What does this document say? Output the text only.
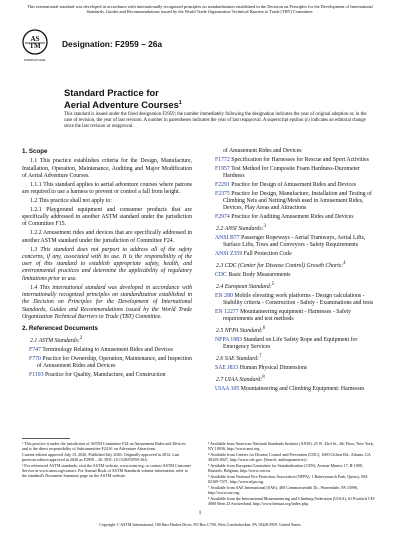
This international standard was developed in accordance with internationally recognized principles on standardization established in the Decision on Principles for the Development of International Standards, Guides and Recommendations issued by the World Trade Organization Technical Barriers to Trade (TBT) Committee.
AS
TM
INTERNATIONAL
Designation: F2959 – 26a
Standard Practice for
Aerial Adventure Courses$^1$
This standard is issued under the fixed designation F2959; the number immediately following the designation indicates the year of original adoption or, in the case of revision, the year of last revision. A number in parentheses indicates the year of last reapproval. A superscript epsilon (ε) indicates an editorial change since the last revision or reapproval.

1. Scope

1.1 This practice establishes criteria for the Design, Manufacture, Installation, Operation, Maintenance, Auditing and Major Modification of Aerial Adventure Courses.

1.1.1 This standard applies to aerial adventure courses where patrons are required to use a harness to prevent or control a fall from height.

1.2 This practice shall not apply to:

1.2.1 Playground equipment and consumer products that are specifically addressed in another ASTM standard under the jurisdiction of Committee F15.

1.2.2 Amusement rides and devices that are specifically addressed in another ASTM standard under the jurisdiction of Committee F24.

1.3 This standard does not purport to address all of the safety concerns, if any, associated with its use. It is the responsibility of the user of this standard to establish appropriate safety, health, and environmental practices and determine the applicability of regulatory limitations prior to use.

1.4 This international standard was developed in accordance with internationally recognized principles on standardization established in the Decision on Principles for the Development of International Standards, Guides and Recommendations issued by the World Trade Organization Technical Barriers to Trade (TBT) Committee.

2. Referenced Documents

2.1 ASTM Standards:$^2$

F747 Terminology Relating to Amusement Rides and Devices

F770 Practice for Ownership, Operation, Maintenance, and Inspection of Amusement Rides and Devices

F1193 Practice for Quality, Manufacture, and Construction

of Amusement Rides and Devices

F1772 Specification for Harnesses for Rescue and Sport Activities

F1957 Test Method for Composite Foam Hardness-Durometer Hardness

F2291 Practice for Design of Amusement Rides and Devices

F2375 Practice for Design, Manufacture, Installation and Testing of Climbing Nets and Netting/Mesh used in Amusement Rides, Devices, Play Areas and Attractions

F2974 Practice for Auditing Amusement Rides and Devices

2.2 ANSI Standards:$^3$

ANSI B77 Passenger Ropeways - Aerial Tramways, Aerial Lifts, Surface Lifts, Tows and Conveyors - Safety Requirements

ANSI Z359 Fall Protection Code

2.3 CDC (Center for Disease Control) Growth Charts:$^4$

CDC Basic Body Measurements

2.4 European Standard:$^5$

EN 280 Mobile elevating work platforms - Design calculations - Stability criteria - Construction - Safety - Examinations and tests

EN 12277 Mountaineering equipment - Harnesses - Safety requirements and test methods

2.5 NFPA Standard:$^6$

NFPA 1983 Standard on Life Safety Rope and Equipment for Emergency Services

2.6 SAE Standard:$^7$

SAE J833 Human Physical Dimensions

2.7 UIAA Standard:$^8$

UIAA 105 Mountaineering and Climbing Equipment: Harnesses

¹ This practice is under the jurisdiction of ASTM Committee F24 on Amusement Rides and Devices and is the direct responsibility of Subcommittee F24.61 on Adventure Attractions.

Current edition approved July 15, 2026. Published July 2026. Originally approved in 2012. Last previous edition approved in 2026 as F2959 – 26. DOI: 10.1520/F2959-26A.

² For referenced ASTM standards, visit the ASTM website, www.astm.org, or contact ASTM Customer Service at www.astm.org/contact. For Annual Book of ASTM Standards volume information, refer to the standard's Document Summary page on the ASTM website.

³ Available from American National Standards Institute (ANSI), 25 W. 43rd St., 4th Floor, New York, NY 10036, http://www.ansi.org.

⁴ Available from Centers for Disease Control and Prevention (CDC), 1600 Clifton Rd., Atlanta, GA 30329-4027, http://www.cdc.gov. [Search: anthropometrics].

⁵ Available from European Committee for Standardization (CEN), Avenue Marnix 17, B-1000, Brussels, Belgium, http://www.cen.eu.

⁶ Available from National Fire Protection Association (NFPA), 1 Batterymarch Park, Quincy, MA 02169-7471, http://www.nfpa.org.

⁷ Available from SAE International (SAE), 400 Commonwealth Dr., Warrendale, PA 15096, http://www.sae.org.

⁸ Available from the International Mountaineering and Climbing Federation (UIAA), 61 Postfach CH-3000 Bern 23 Switzerland, http://www.theuiaa.org/index.php.

1
Copyright © ASTM International, 100 Barr Harbor Drive, PO Box C700, West Conshohocken, PA 19428-2959. United States
